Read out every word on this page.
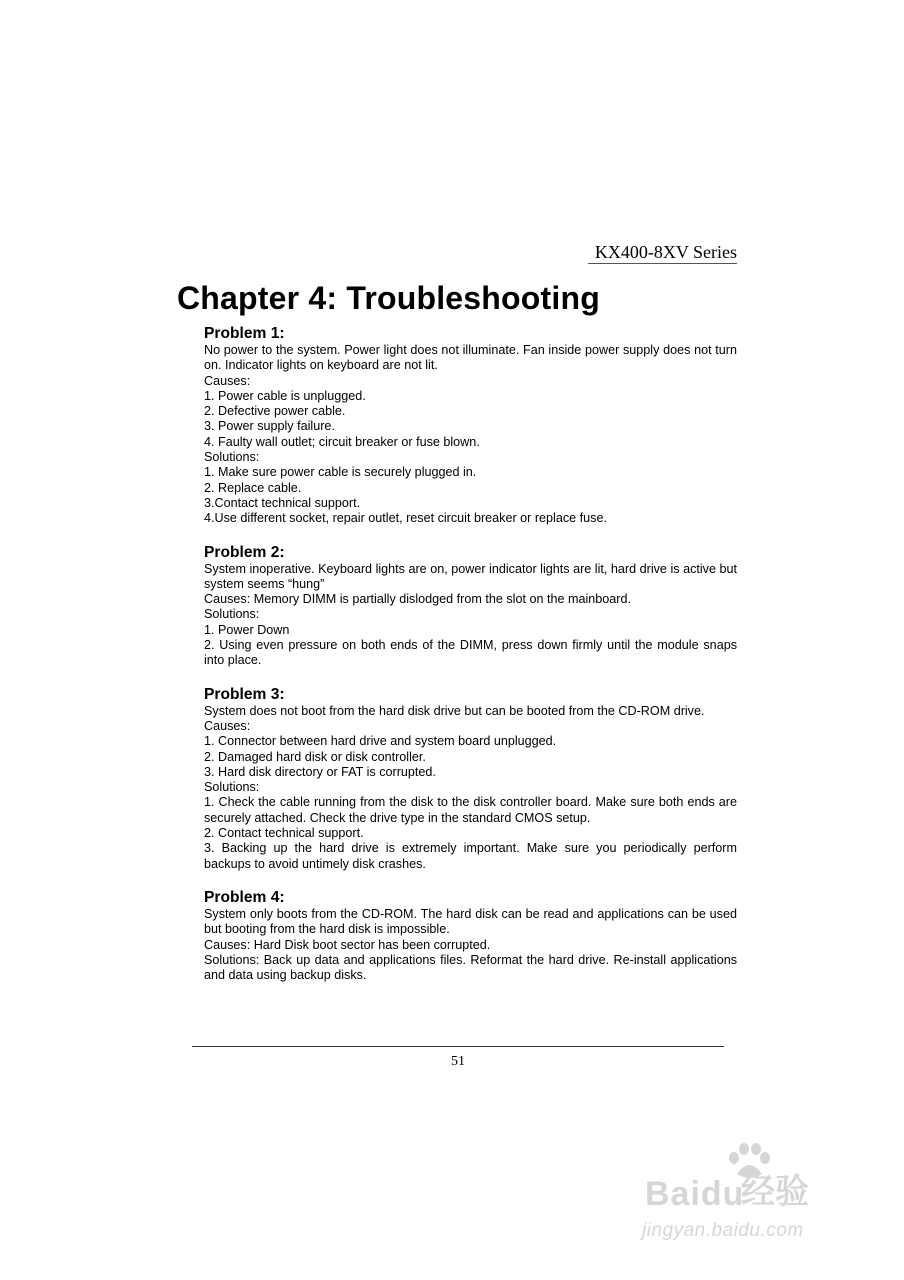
KX400-8XV Series
Chapter 4: Troubleshooting
Problem 1:

No power to the system. Power light does not illuminate. Fan inside power supply does not turn on. Indicator lights on keyboard are not lit.

Causes:

1. Power cable is unplugged.
2. Defective power cable.
3. Power supply failure.
4. Faulty wall outlet; circuit breaker or fuse blown.

Solutions:

1. Make sure power cable is securely plugged in.
2. Replace cable.
3.Contact technical support.
4.Use different socket, repair outlet, reset circuit breaker or replace fuse.
Problem 2:

System inoperative. Keyboard lights are on, power indicator lights are lit, hard drive is active but system seems “hung”

Causes: Memory DIMM is partially dislodged from the slot on the mainboard.

Solutions:

1. Power Down
2. Using even pressure on both ends of the DIMM, press down firmly until the module snaps into place.
Problem 3:

System does not boot from the hard disk drive but can be booted from the CD-ROM drive.

Causes:

1. Connector between hard drive and system board unplugged.
2. Damaged hard disk or disk controller.
3. Hard disk directory or FAT is corrupted.

Solutions:

1. Check the cable running from the disk to the disk controller board. Make sure both ends are securely attached. Check the drive type in the standard CMOS setup.
2. Contact technical support.
3. Backing up the hard drive is extremely important. Make sure you periodically perform backups to avoid untimely disk crashes.
Problem 4:

System only boots from the CD-ROM. The hard disk can be read and applications can be used but booting from the hard disk is impossible.

Causes: Hard Disk boot sector has been corrupted.

Solutions: Back up data and applications files. Reformat the hard drive. Re-install applications and data using backup disks.

51
Baidu
经验
jingyan.baidu.com
